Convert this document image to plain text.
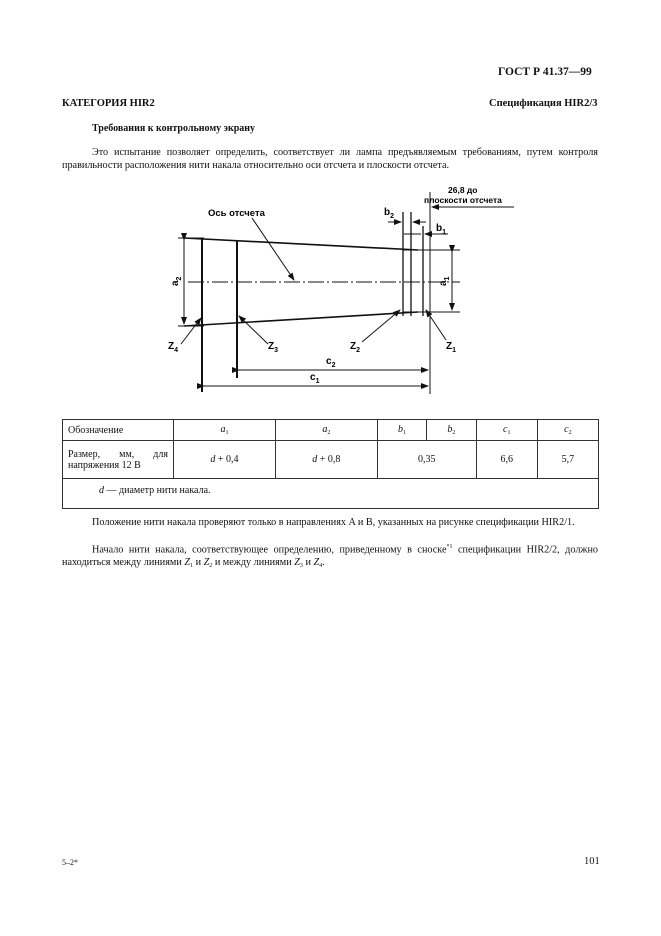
ГОСТ Р 41.37—99
КАТЕГОРИЯ HIR2	Спецификация HIR2/3
Требования к контрольному экрану
Это испытание позволяет определить, соответствует ли лампа предъявляемым требованиям, путем контроля правильности расположения нити накала относительно оси отсчета и плоскости отсчета.
Ось отсчета
26,8 до
плоскости отсчета
$b_2$
$b_1$
$a_2$
$a_1$
$c_2$
$c_1$
$Z_4$	$Z_3$	$Z_2$	$Z_1$
Обозначение	$a_1$	$a_2$	$b_1$	$b_2$	$c_1$	$c_2$

Размер, мм, для
напряжения 12 В	d + 0,4	d + 0,8	0,35		6,6	5,7
d — диаметр нити накала.						
Положение нити накала проверяют только в направлениях A и B, указанных на рисунке спецификации HIR2/1.
Начало нити накала, соответствующее определению, приведенному в сноске$^{*1}$ спецификации HIR2/2, должно находиться между линиями $Z_1$ и $Z_2$ и между линиями $Z_3$ и $Z_4$.
5–2*	101
